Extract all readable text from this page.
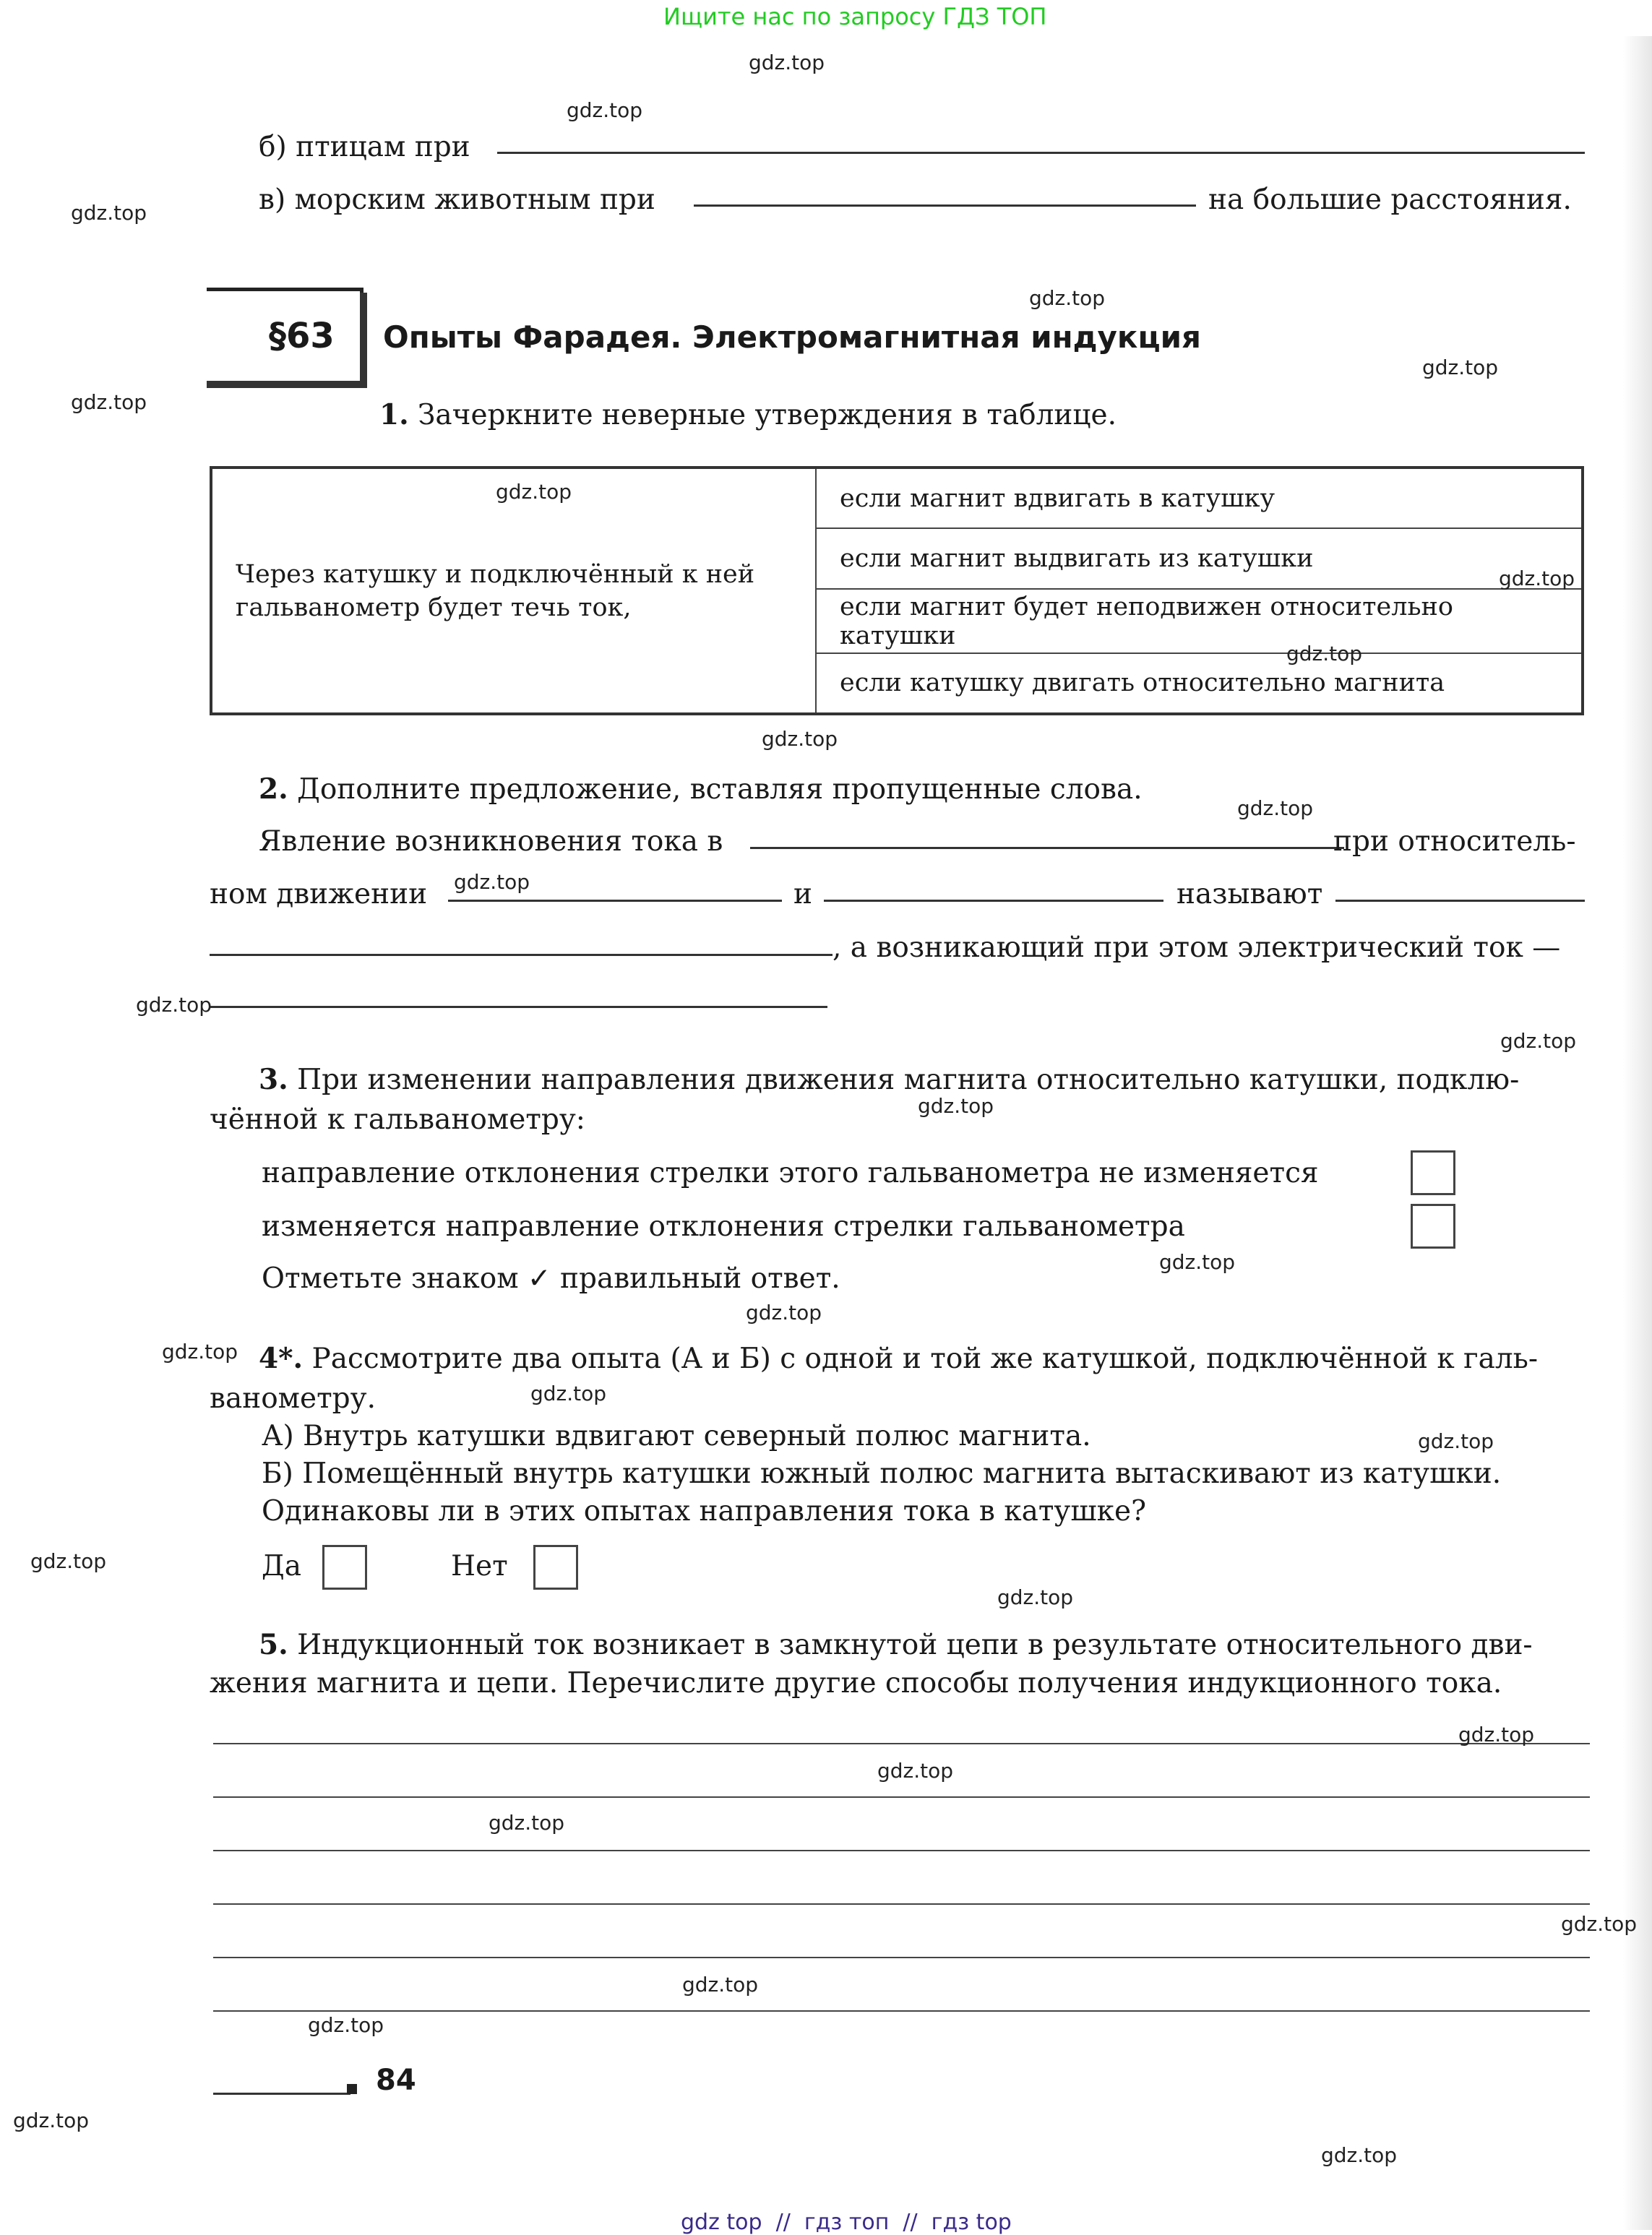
Ищите нас по запросу ГДЗ ТОП
б) птицам при
в) морским животным при	на большие расстояния.
§63 Опыты Фарадея. Электромагнитная индукция
1. Зачеркните неверные утверждения в таблице.
Через катушку и подключённый к ней
гальванометр будет течь ток,
	если магнит вдвигать в катушку
если магнит выдвигать из катушки
если магнит будет неподвижен относительно катушки
если катушку двигать относительно магнита
2. Дополните предложение, вставляя пропущенные слова.
Явление возникновения тока в	при относитель-
ном движении	и	называют
, а возникающий при этом электрический ток —
3. При изменении направления движения магнита относительно катушки, подклю-
чённой к гальванометру:
направление отклонения стрелки этого гальванометра не изменяется
изменяется направление отклонения стрелки гальванометра
Отметьте знаком ✓ правильный ответ.
4*. Рассмотрите два опыта (А и Б) с одной и той же катушкой, подключённой к галь-
ванометру.
А) Внутрь катушки вдвигают северный полюс магнита.
Б) Помещённый внутрь катушки южный полюс магнита вытаскивают из катушки.
Одинаковы ли в этих опытах направления тока в катушке?
Да	Нет
5. Индукционный ток возникает в замкнутой цепи в результате относительного дви-
жения магнита и цепи. Перечислите другие способы получения индукционного тока.
84
gdz.top
gdz.top
gdz.top
gdz.top
gdz.top
gdz.top
gdz.top
gdz.top
gdz.top
gdz.top
gdz.top
gdz.top
gdz.top
gdz.top
gdz.top
gdz.top
gdz.top
gdz.top
gdz.top
gdz.top
gdz.top
gdz.top
gdz.top
gdz.top
gdz.top
gdz.top
gdz.top
gdz.top
gdz.top
gdz.top
gdz top  //  гдз топ  //  гдз top
